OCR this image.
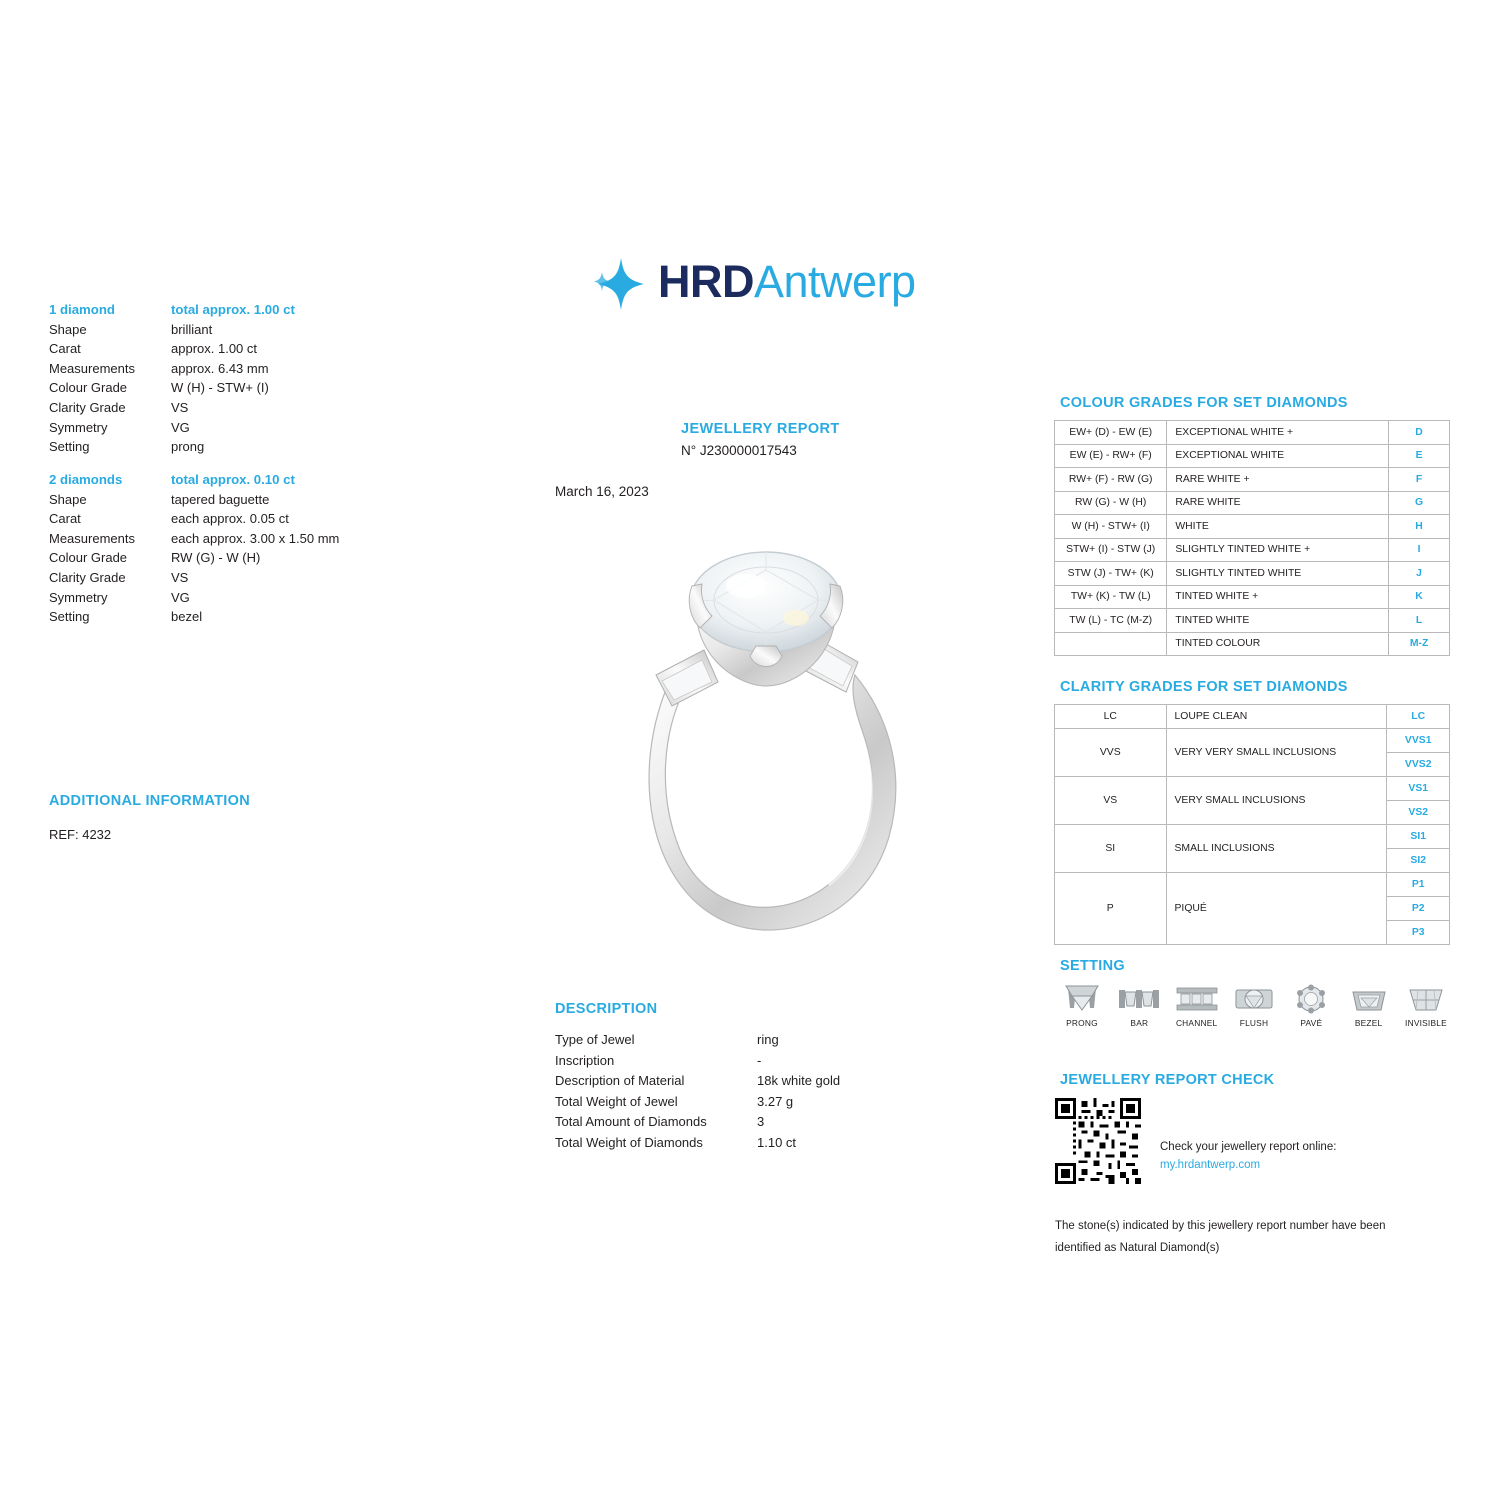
HRDAntwerp
JEWELLERY REPORT
N° J230000017543
March 16, 2023
1 diamond	total approx. 1.00 ct
Shape	brilliant
Carat	approx. 1.00 ct
Measurements	approx. 6.43 mm
Colour Grade	W (H) - STW+ (I)
Clarity Grade	VS
Symmetry	VG
Setting	prong
2 diamonds	total approx. 0.10 ct
Shape	tapered baguette
Carat	each approx. 0.05 ct
Measurements	each approx. 3.00 x 1.50 mm
Colour Grade	RW (G) - W (H)
Clarity Grade	VS
Symmetry	VG
Setting	bezel
ADDITIONAL INFORMATION
REF: 4232
DESCRIPTION
Type of Jewel	ring
Inscription	-
Description of Material	18k white gold
Total Weight of Jewel	3.27 g
Total Amount of Diamonds	3
Total Weight of Diamonds	1.10 ct
COLOUR GRADES FOR SET DIAMONDS
EW+ (D) - EW (E)	EXCEPTIONAL WHITE +	D
EW (E) - RW+ (F)	EXCEPTIONAL WHITE	E
RW+ (F) - RW (G)	RARE WHITE +	F
RW (G) - W (H)	RARE WHITE	G
W (H) - STW+ (I)	WHITE	H
STW+ (I) - STW (J)	SLIGHTLY TINTED WHITE +	I
STW (J) - TW+ (K)	SLIGHTLY TINTED WHITE	J
TW+ (K) - TW (L)	TINTED WHITE +	K
TW (L) - TC (M-Z)	TINTED WHITE	L
	TINTED COLOUR	M-Z
CLARITY GRADES FOR SET DIAMONDS
LC	LOUPE CLEAN	LC
VVS	VERY VERY SMALL INCLUSIONS	VVS1
		VVS2
VS	VERY SMALL INCLUSIONS	VS1
		VS2
SI	SMALL INCLUSIONS	SI1
		SI2
P	PIQUÉ	P1
		P2
		P3
SETTING
PRONG	BAR	CHANNEL	FLUSH	PAVÉ	BEZEL	INVISIBLE
JEWELLERY REPORT CHECK
Check your jewellery report online:
my.hrdantwerp.com
The stone(s) indicated by this jewellery report number have been
identified as Natural Diamond(s)
